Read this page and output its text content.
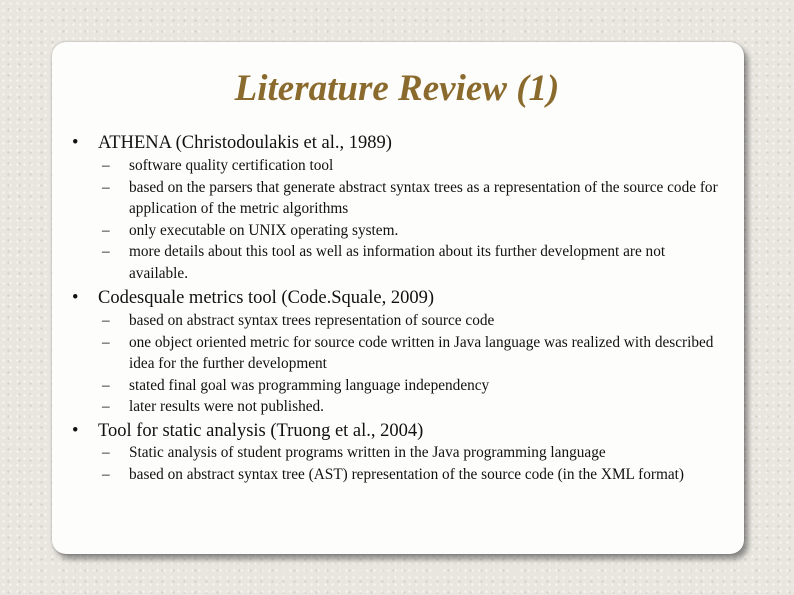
Literature Review (1)
• ATHENA (Christodoulakis et al., 1989)
– software quality certification tool
– based on the parsers that generate abstract syntax trees as a representation of the source code for application of the metric algorithms
– only executable on UNIX operating system.
– more details about this tool as well as information about its further development are not available.
• Codesquale metrics tool (Code.Squale, 2009)
– based on abstract syntax trees representation of source code
– one object oriented metric for source code written in Java language was realized with described idea for the further development
– stated final goal was programming language independency
– later results were not published.
• Tool for static analysis (Truong et al., 2004)
– Static analysis of student programs written in the Java programming language
– based on abstract syntax tree (AST) representation of the source code (in the XML format)
